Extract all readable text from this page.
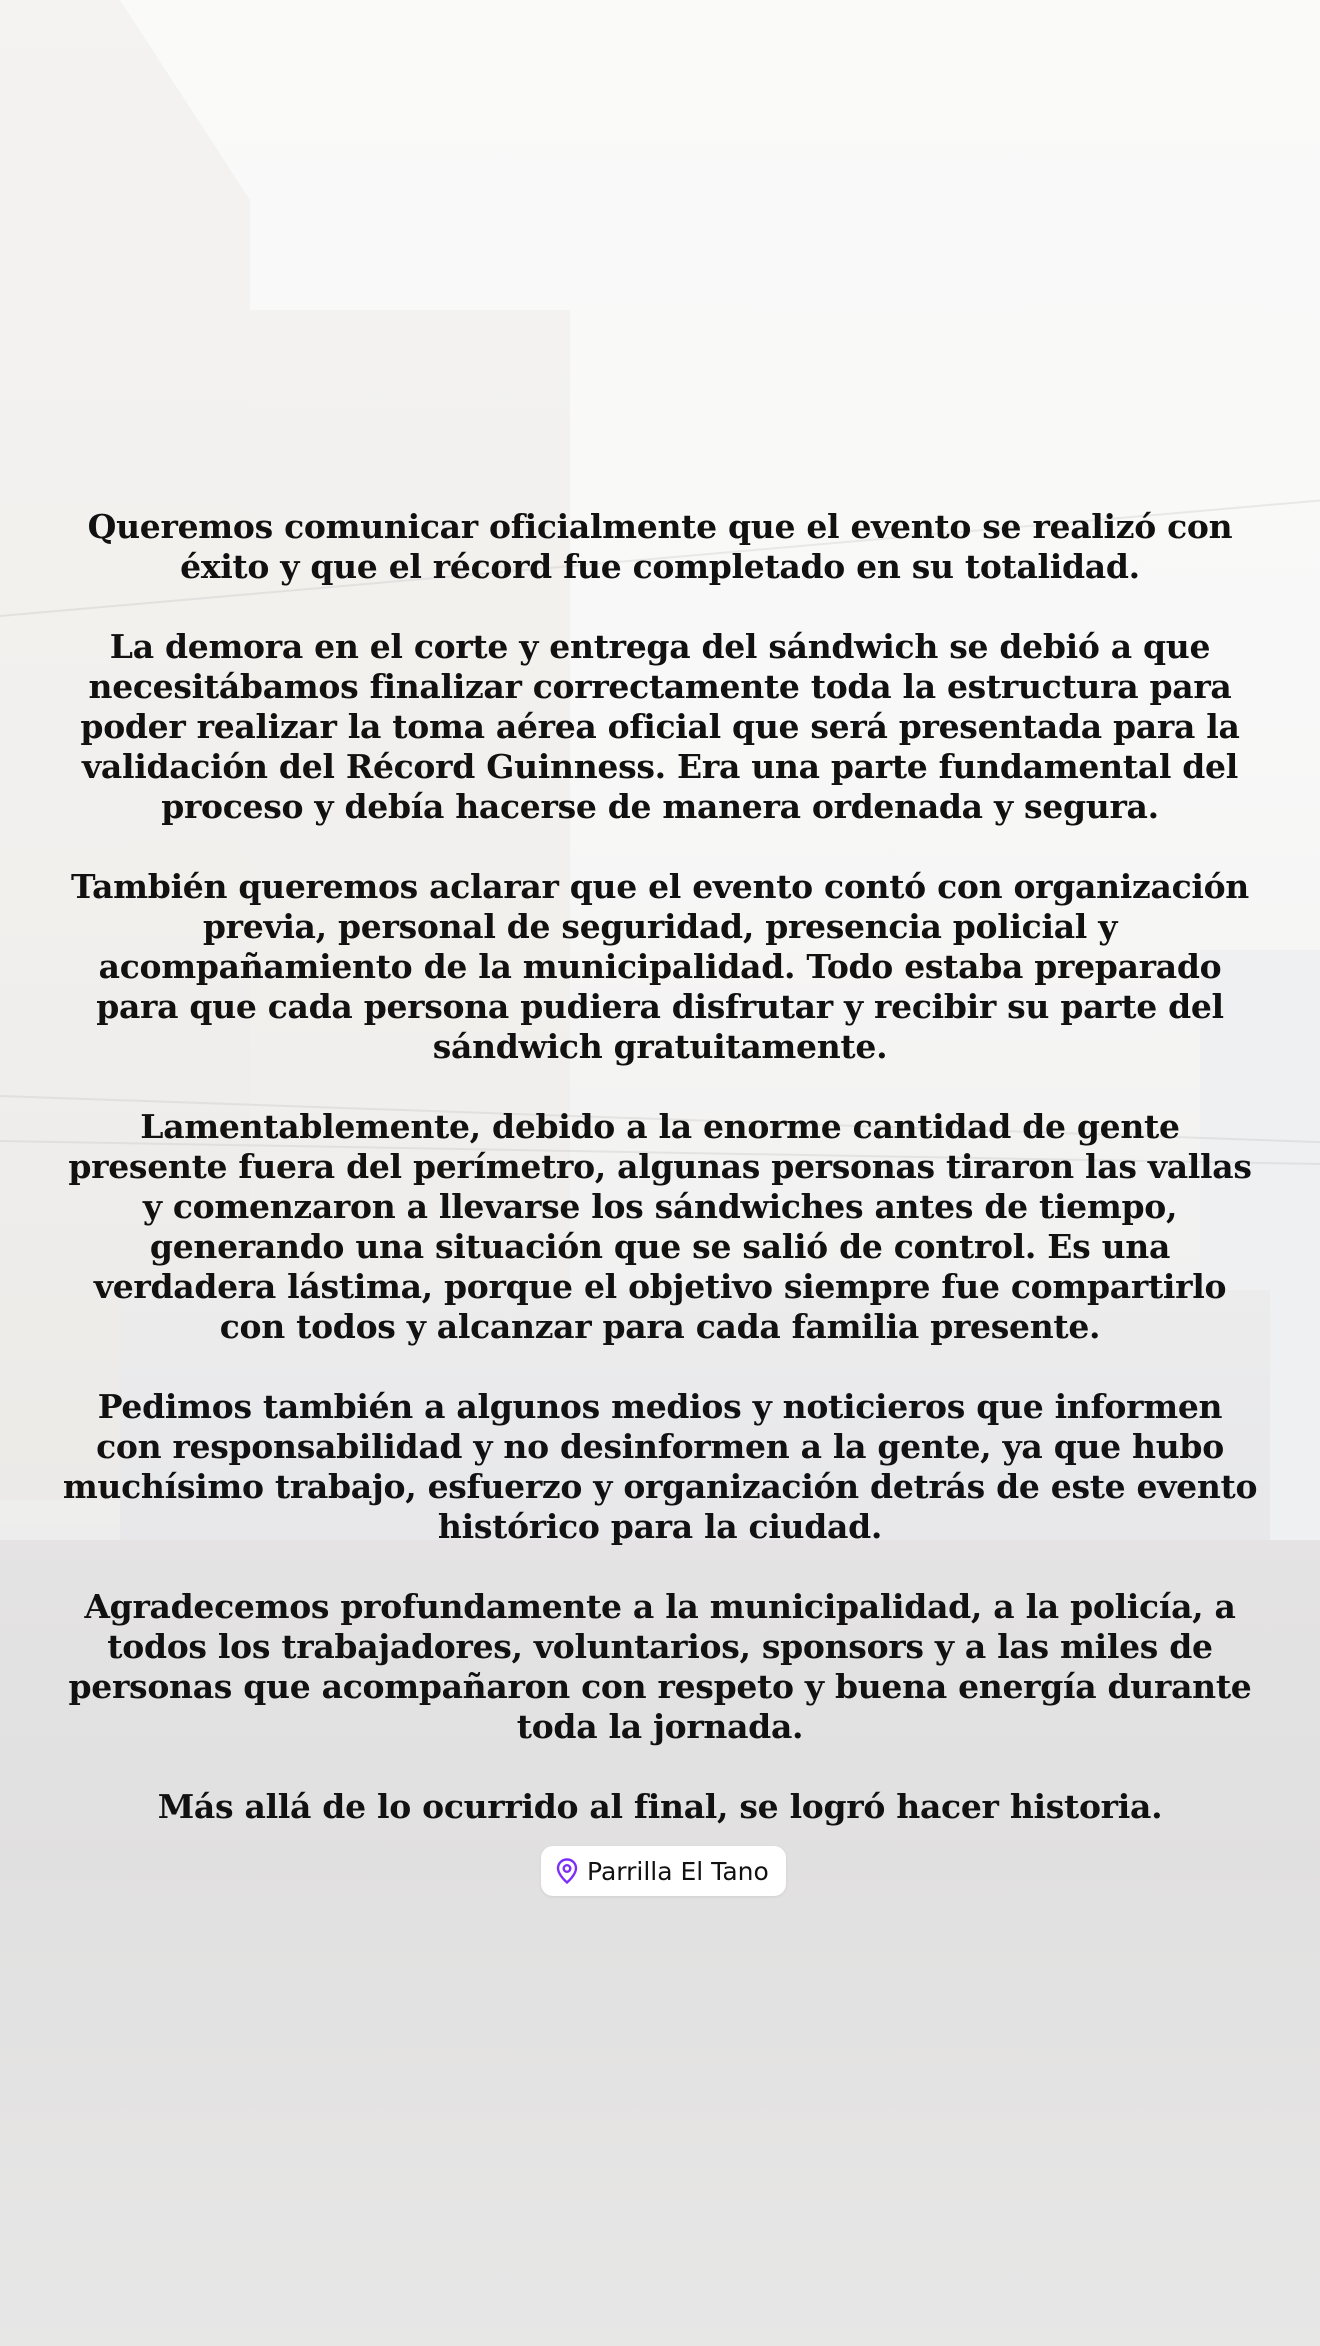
Queremos comunicar oficialmente que el evento se realizó con éxito y que el récord fue completado en su totalidad.

La demora en el corte y entrega del sándwich se debió a que necesitábamos finalizar correctamente toda la estructura para poder realizar la toma aérea oficial que será presentada para la validación del Récord Guinness. Era una parte fundamental del proceso y debía hacerse de manera ordenada y segura.

También queremos aclarar que el evento contó con organización previa, personal de seguridad, presencia policial y acompañamiento de la municipalidad. Todo estaba preparado para que cada persona pudiera disfrutar y recibir su parte del sándwich gratuitamente.

Lamentablemente, debido a la enorme cantidad de gente presente fuera del perímetro, algunas personas tiraron las vallas y comenzaron a llevarse los sándwiches antes de tiempo, generando una situación que se salió de control. Es una verdadera lástima, porque el objetivo siempre fue compartirlo con todos y alcanzar para cada familia presente.

Pedimos también a algunos medios y noticieros que informen con responsabilidad y no desinformen a la gente, ya que hubo muchísimo trabajo, esfuerzo y organización detrás de este evento histórico para la ciudad.

Agradecemos profundamente a la municipalidad, a la policía, a todos los trabajadores, voluntarios, sponsors y a las miles de personas que acompañaron con respeto y buena energía durante toda la jornada.

Más allá de lo ocurrido al final, se logró hacer historia.

Parrilla El Tano
